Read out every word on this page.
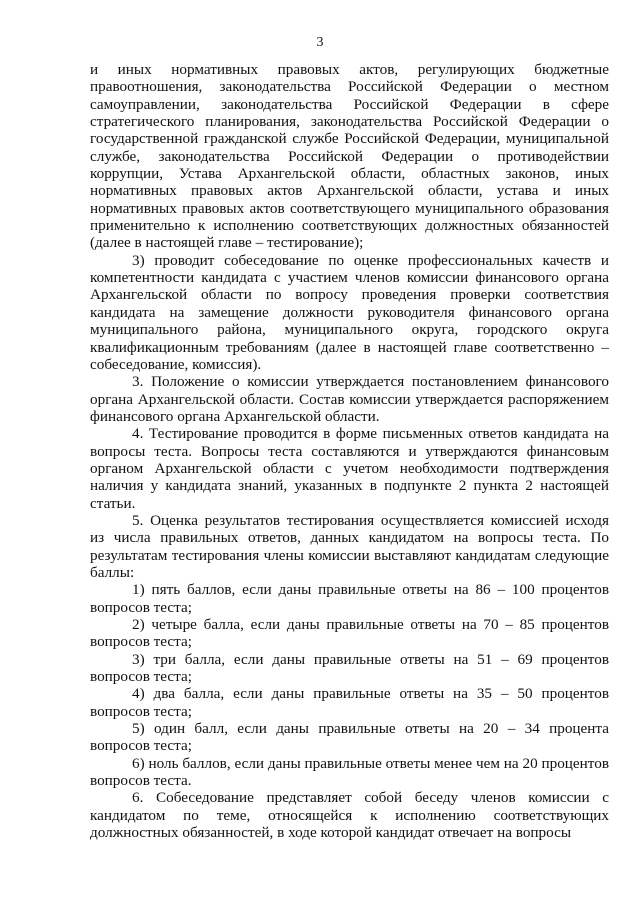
3

и иных нормативных правовых актов, регулирующих бюджетные правоотношения, законодательства Российской Федерации о местном самоуправлении, законодательства Российской Федерации в сфере стратегического планирования, законодательства Российской Федерации о государственной гражданской службе Российской Федерации, муниципальной службе, законодательства Российской Федерации о противодействии коррупции, Устава Архангельской области, областных законов, иных нормативных правовых актов Архангельской области, устава и иных нормативных правовых актов соответствующего муниципального образования применительно к исполнению соответствующих должностных обязанностей (далее в настоящей главе – тестирование);

3) проводит собеседование по оценке профессиональных качеств и компетентности кандидата с участием членов комиссии финансового органа Архангельской области по вопросу проведения проверки соответствия кандидата на замещение должности руководителя финансового органа муниципального района, муниципального округа, городского округа квалификационным требованиям (далее в настоящей главе соответственно – собеседование, комиссия).

3. Положение о комиссии утверждается постановлением финансового органа Архангельской области. Состав комиссии утверждается распоряжением финансового органа Архангельской области.

4. Тестирование проводится в форме письменных ответов кандидата на вопросы теста. Вопросы теста составляются и утверждаются финансовым органом Архангельской области с учетом необходимости подтверждения наличия у кандидата знаний, указанных в подпункте 2 пункта 2 настоящей статьи.

5. Оценка результатов тестирования осуществляется комиссией исходя из числа правильных ответов, данных кандидатом на вопросы теста. По результатам тестирования члены комиссии выставляют кандидатам следующие баллы:

1) пять баллов, если даны правильные ответы на 86 – 100 процентов вопросов теста;

2) четыре балла, если даны правильные ответы на 70 – 85 процентов вопросов теста;

3) три балла, если даны правильные ответы на 51 – 69 процентов вопросов теста;

4) два балла, если даны правильные ответы на 35 – 50 процентов вопросов теста;

5) один балл, если даны правильные ответы на 20 – 34 процента вопросов теста;

6) ноль баллов, если даны правильные ответы менее чем на 20 процентов вопросов теста.

6. Собеседование представляет собой беседу членов комиссии с кандидатом по теме, относящейся к исполнению соответствующих должностных обязанностей, в ходе которой кандидат отвечает на вопросы
